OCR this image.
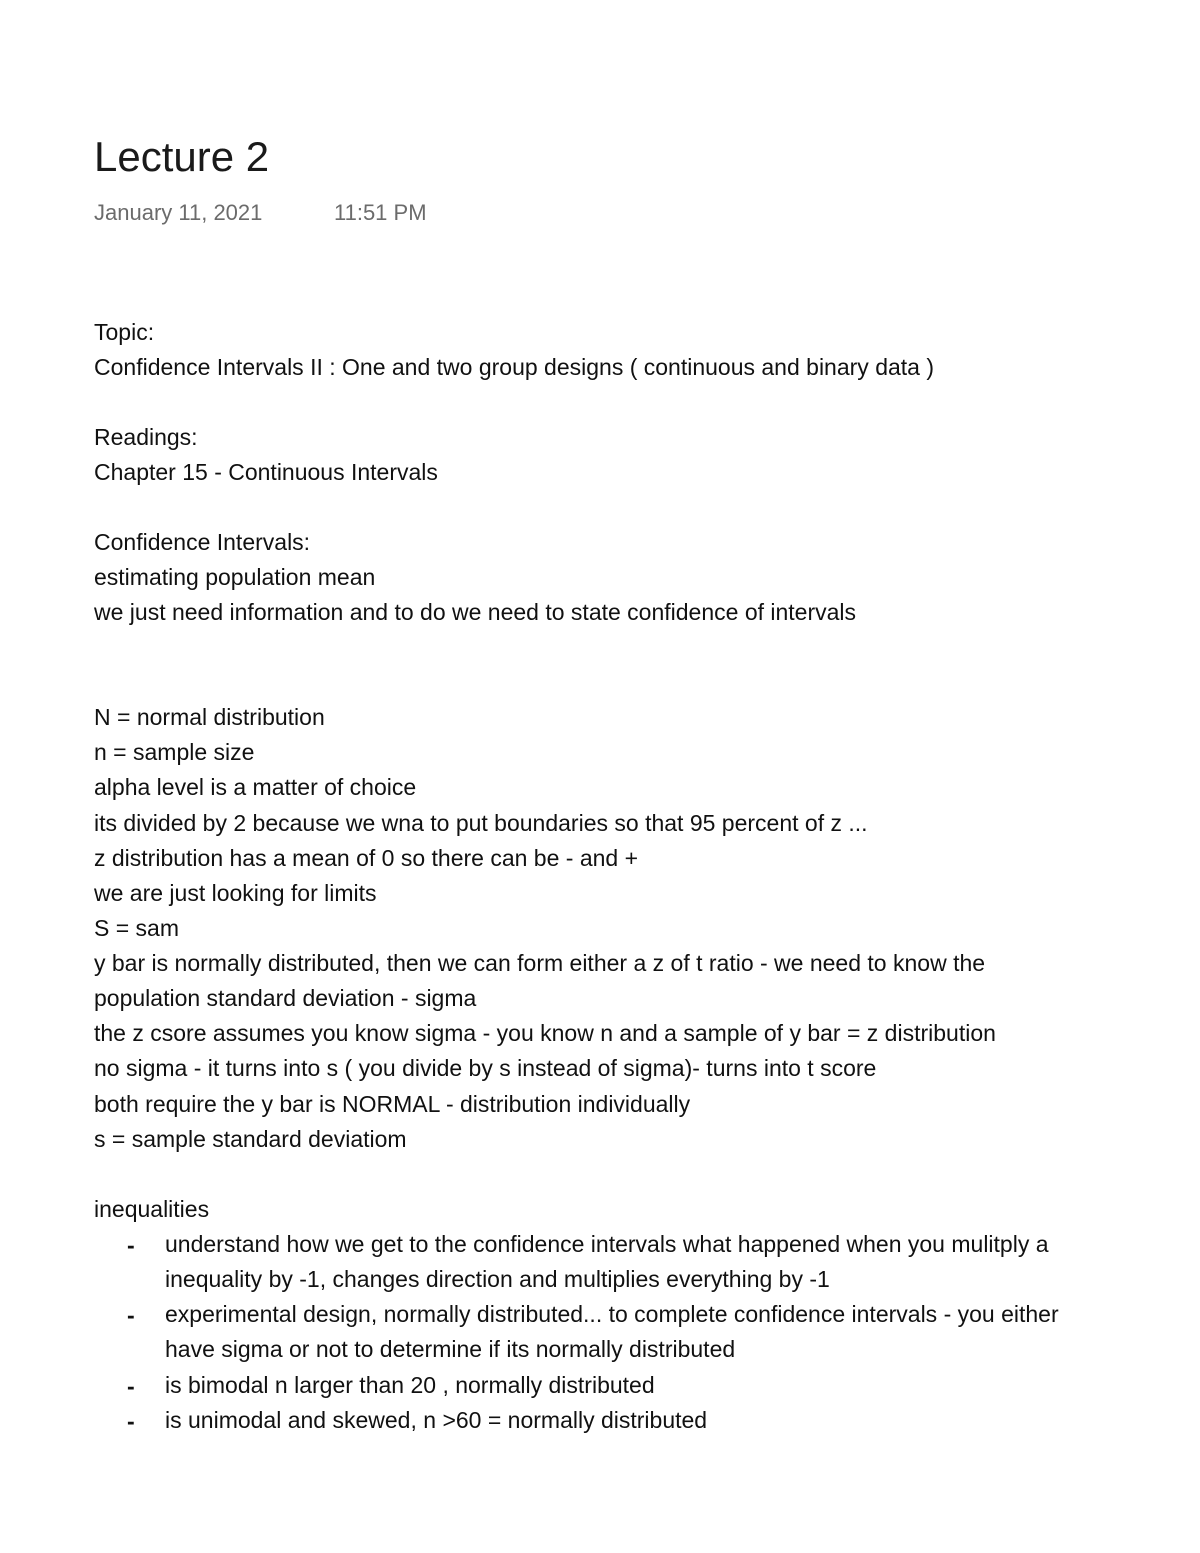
Lecture 2
January 11, 2021	11:51 PM
Topic:
Confidence Intervals II : One and two group designs ( continuous and binary data )
Readings:
Chapter 15 - Continuous Intervals
Confidence Intervals:
estimating population mean
we just need information and to do we need to state confidence of intervals
N = normal distribution
n = sample size
alpha level is a matter of choice
its divided by 2 because we wna to put boundaries so that 95 percent of z ...
z distribution has a mean of 0 so there can be - and +
we are just looking for limits
S = sam
y bar is normally distributed, then we can form either a z of t ratio - we need to know the
population standard deviation - sigma
the z csore assumes you know sigma - you know n and a sample of y bar = z distribution
no sigma - it turns into s ( you divide by s instead of sigma)- turns into t score
both require the y bar is NORMAL - distribution individually
s = sample standard deviatiom
inequalities
- understand how we get to the confidence intervals what happened when you mulitply a
inequality by -1, changes direction and multiplies everything by -1
- experimental design, normally distributed... to complete confidence intervals - you either
have sigma or not to determine if its normally distributed
- is bimodal n larger than 20 , normally distributed
- is unimodal and skewed, n >60 = normally distributed
